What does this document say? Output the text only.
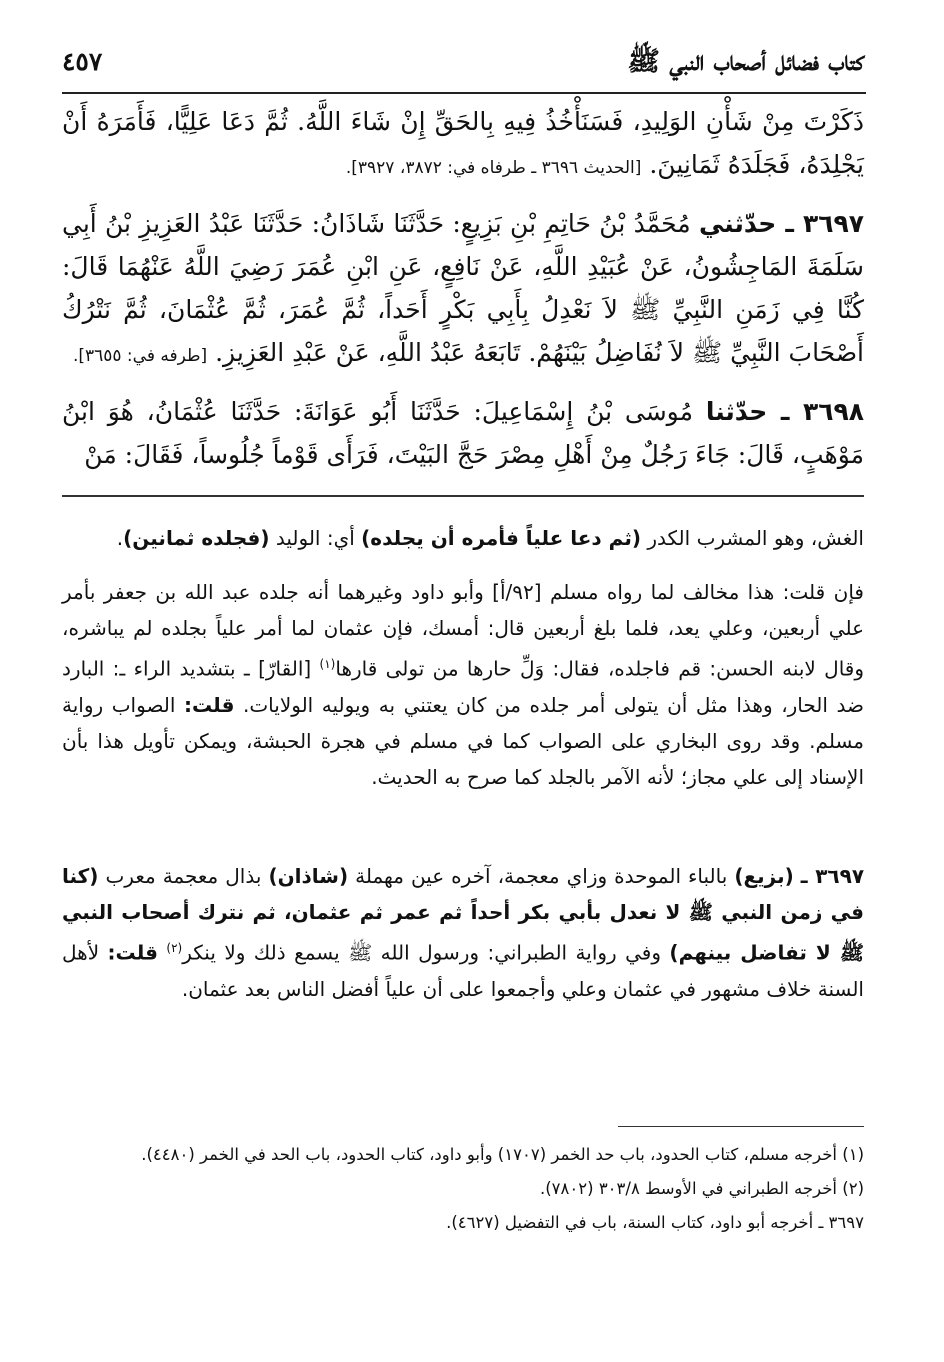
كتاب فضائل أصحاب النبي ﷺ
٤٥٧
ذَكَرْتَ مِنْ شَأْنِ الوَلِيدِ، فَسَنَأْخُذُ فِيهِ بِالحَقِّ إِنْ شَاءَ اللَّهُ. ثُمَّ دَعَا عَلِيًّا، فَأَمَرَهُ أَنْ يَجْلِدَهُ، فَجَلَدَهُ ثَمَانِينَ. [الحديث ٣٦٩٦ ـ طرفاه في: ٣٨٧٢، ٣٩٢٧].
٣٦٩٧ ـ حدّثني مُحَمَّدُ بْنُ حَاتِمِ بْنِ بَزِيعٍ: حَدَّثَنَا شَاذَانُ: حَدَّثَنَا عَبْدُ العَزِيزِ بْنُ أَبِي سَلَمَةَ المَاجِشُونُ، عَنْ عُبَيْدِ اللَّهِ، عَنْ نَافِعٍ، عَنِ ابْنِ عُمَرَ رَضِيَ اللَّهُ عَنْهُمَا قَالَ: كُنَّا فِي زَمَنِ النَّبِيِّ ﷺ لاَ نَعْدِلُ بِأَبِي بَكْرٍ أَحَداً، ثُمَّ عُمَرَ، ثُمَّ عُثْمَانَ، ثُمَّ نَتْرُكُ أَصْحَابَ النَّبِيِّ ﷺ لاَ نُفَاضِلُ بَيْنَهُمْ. تَابَعَهُ عَبْدُ اللَّهِ، عَنْ عَبْدِ العَزِيزِ. [طرفه في: ٣٦٥٥].
٣٦٩٨ ـ حدّثنا مُوسَى بْنُ إِسْمَاعِيلَ: حَدَّثَنَا أَبُو عَوَانَةَ: حَدَّثَنَا عُثْمَانُ، هُوَ ابْنُ مَوْهَبٍ، قَالَ: جَاءَ رَجُلٌ مِنْ أَهْلِ مِصْرَ حَجَّ البَيْتَ، فَرَأَى قَوْماً جُلُوساً، فَقَالَ: مَنْ
الغش، وهو المشرب الكدر (ثم دعا علياً فأمره أن يجلده) أي: الوليد (فجلده ثمانين).
فإن قلت: هذا مخالف لما رواه مسلم [٩٢/أ] وأبو داود وغيرهما أنه جلده عبد الله بن جعفر بأمر علي أربعين، وعلي يعد، فلما بلغ أربعين قال: أمسك، فإن عثمان لما أمر علياً بجلده لم يباشره، وقال لابنه الحسن: قم فاجلده، فقال: وَلِّ حارها من تولى قارها$^{(١)}$ [القارّ] ـ بتشديد الراء ـ: البارد ضد الحار، وهذا مثل أن يتولى أمر جلده من كان يعتني به ويوليه الولايات. قلت: الصواب رواية مسلم. وقد روى البخاري على الصواب كما في مسلم في هجرة الحبشة، ويمكن تأويل هذا بأن الإسناد إلى علي مجاز؛ لأنه الآمر بالجلد كما صرح به الحديث.
٣٦٩٧ ـ (بزيع) بالباء الموحدة وزاي معجمة، آخره عين مهملة (شاذان) بذال معجمة معرب (كنا في زمن النبي ﷺ لا نعدل بأبي بكر أحداً ثم عمر ثم عثمان، ثم نترك أصحاب النبي ﷺ لا تفاضل بينهم) وفي رواية الطبراني: ورسول الله ﷺ يسمع ذلك ولا ينكر$^{(٢)}$ قلت: لأهل السنة خلاف مشهور في عثمان وعلي وأجمعوا على أن علياً أفضل الناس بعد عثمان.

(١) أخرجه مسلم، كتاب الحدود، باب حد الخمر (١٧٠٧) وأبو داود، كتاب الحدود، باب الحد في الخمر (٤٤٨٠).

(٢) أخرجه الطبراني في الأوسط ٣٠٣/٨ (٧٨٠٢).

٣٦٩٧ ـ أخرجه أبو داود، كتاب السنة، باب في التفضيل (٤٦٢٧).
